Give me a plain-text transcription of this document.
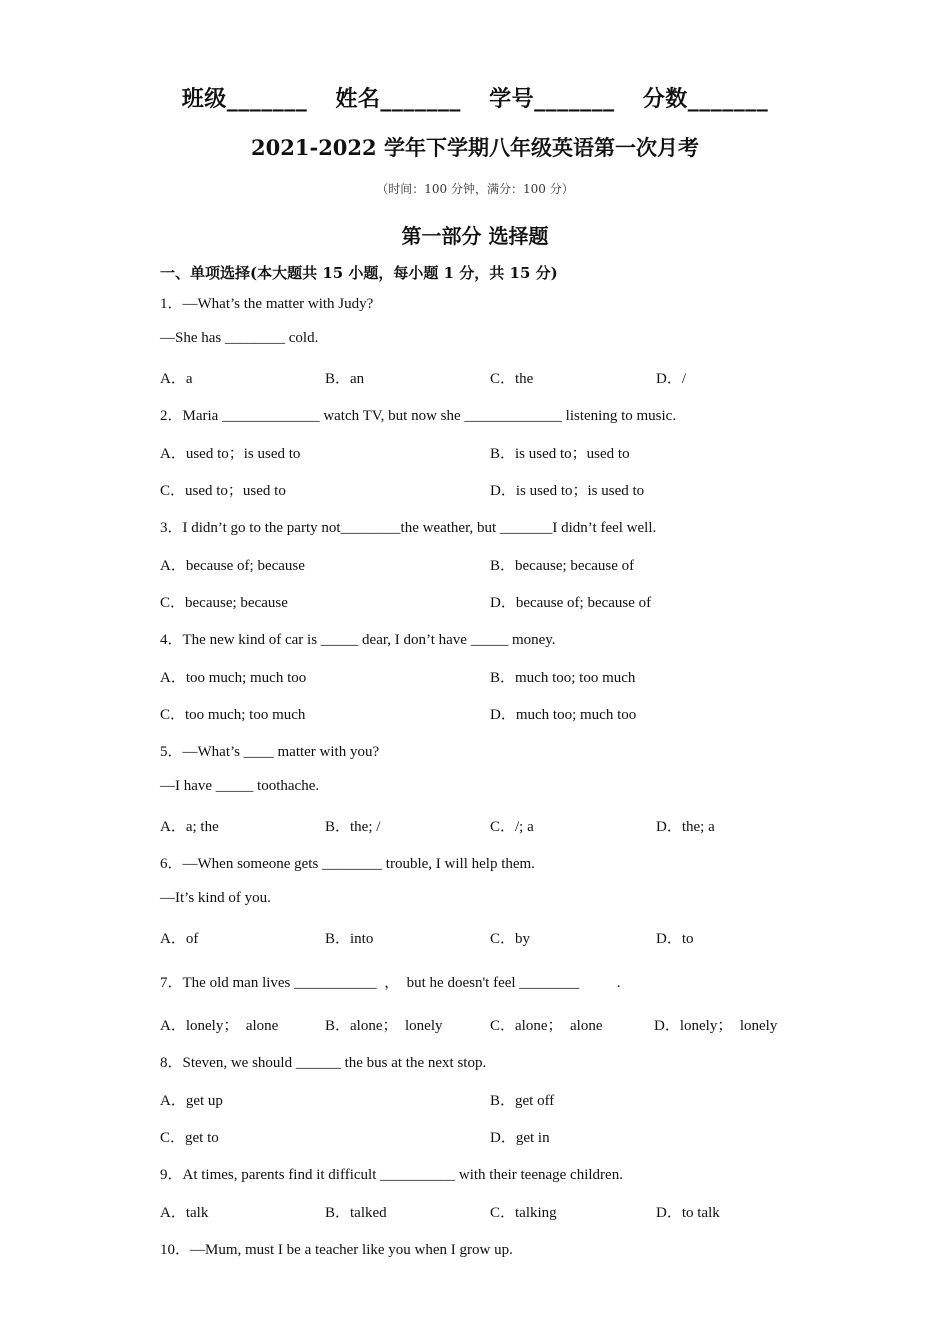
班级_______ 姓名_______ 学号_______ 分数_______
2021-2022 学年下学期八年级英语第一次月考
（时间：100 分钟，满分：100 分）
第一部分 选择题
一、单项选择(本大题共 15 小题，每小题 1 分，共 15 分)
1．—What’s the matter with Judy?
—She has ________ cold.
A．a	B．an	C．the	D．/
2．Maria _____________ watch TV, but now she _____________ listening to music.
A．used to；is used to	B．is used to；used to
C．used to；used to	D．is used to；is used to
3．I didn’t go to the party not________the weather, but _______I didn’t feel well.
A．because of; because	B．because; because of
C．because; because	D．because of; because of
4．The new kind of car is _____ dear, I don’t have _____ money.
A．too much; much too	B．much too; too much
C．too much; too much	D．much too; much too
5．—What’s ____ matter with you?
—I have _____ toothache.
A．a; the	B．the; /	C．/; a	D．the; a
6．—When someone gets ________ trouble, I will help them.
—It’s kind of you.
A．of	B．into	C．by	D．to
7．The old man lives ___________  ，  but he doesn't feel ________          .
A．lonely；  alone	B．alone；  lonely	C．alone；  alone	D．lonely；  lonely
8．Steven, we should ______ the bus at the next stop.
A．get up	B．get off
C．get to	D．get in
9．At times, parents find it difficult __________ with their teenage children.
A．talk	B．talked	C．talking	D．to talk
10．—Mum, must I be a teacher like you when I grow up.
